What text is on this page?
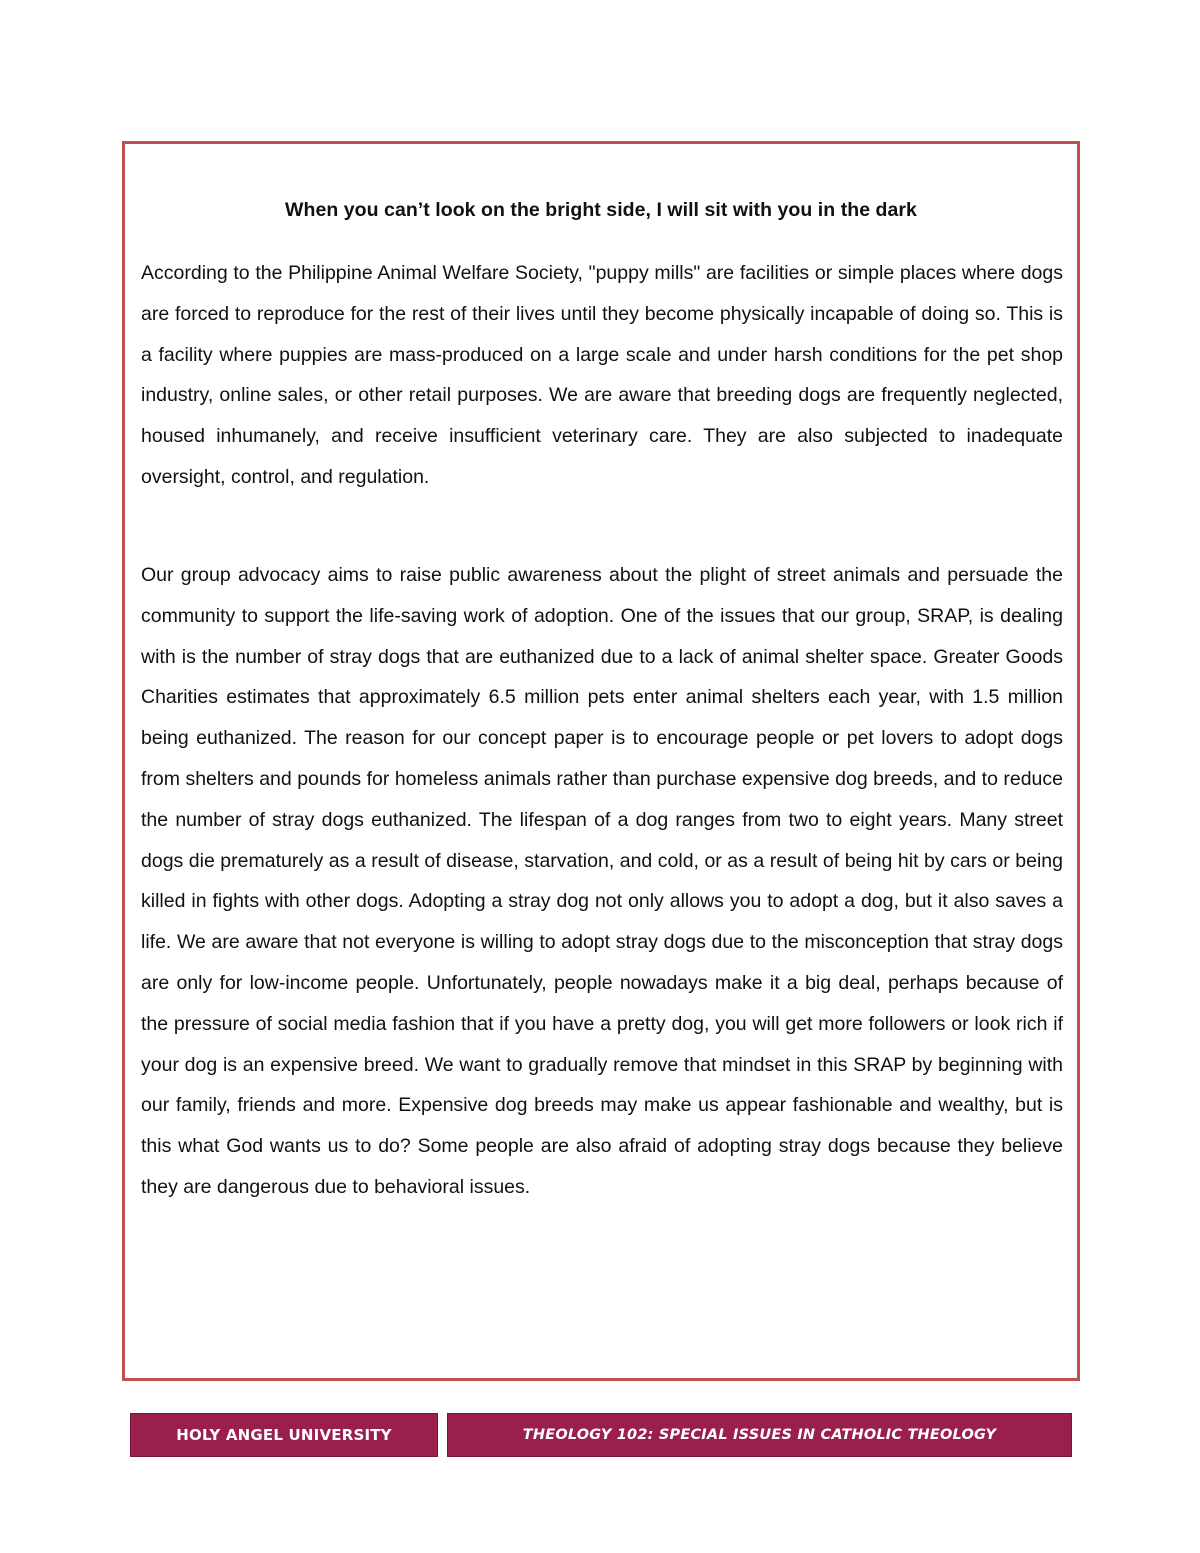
When you can’t look on the bright side, I will sit with you in the dark

According to the Philippine Animal Welfare Society, "puppy mills" are facilities or simple places where dogs are forced to reproduce for the rest of their lives until they become physically incapable of doing so. This is a facility where puppies are mass-produced on a large scale and under harsh conditions for the pet shop industry, online sales, or other retail purposes. We are aware that breeding dogs are frequently neglected, housed inhumanely, and receive insufficient veterinary care. They are also subjected to inadequate oversight, control, and regulation.

Our group advocacy aims to raise public awareness about the plight of street animals and persuade the community to support the life-saving work of adoption. One of the issues that our group, SRAP, is dealing with is the number of stray dogs that are euthanized due to a lack of animal shelter space. Greater Goods Charities estimates that approximately 6.5 million pets enter animal shelters each year, with 1.5 million being euthanized. The reason for our concept paper is to encourage people or pet lovers to adopt dogs from shelters and pounds for homeless animals rather than purchase expensive dog breeds, and to reduce the number of stray dogs euthanized. The lifespan of a dog ranges from two to eight years. Many street dogs die prematurely as a result of disease, starvation, and cold, or as a result of being hit by cars or being killed in fights with other dogs. Adopting a stray dog not only allows you to adopt a dog, but it also saves a life. We are aware that not everyone is willing to adopt stray dogs due to the misconception that stray dogs are only for low-income people. Unfortunately, people nowadays make it a big deal, perhaps because of the pressure of social media fashion that if you have a pretty dog, you will get more followers or look rich if your dog is an expensive breed. We want to gradually remove that mindset in this SRAP by beginning with our family, friends and more. Expensive dog breeds may make us appear fashionable and wealthy, but is this what God wants us to do? Some people are also afraid of adopting stray dogs because they believe they are dangerous due to behavioral issues.

HOLY ANGEL UNIVERSITY	THEOLOGY 102: SPECIAL ISSUES IN CATHOLIC THEOLOGY
